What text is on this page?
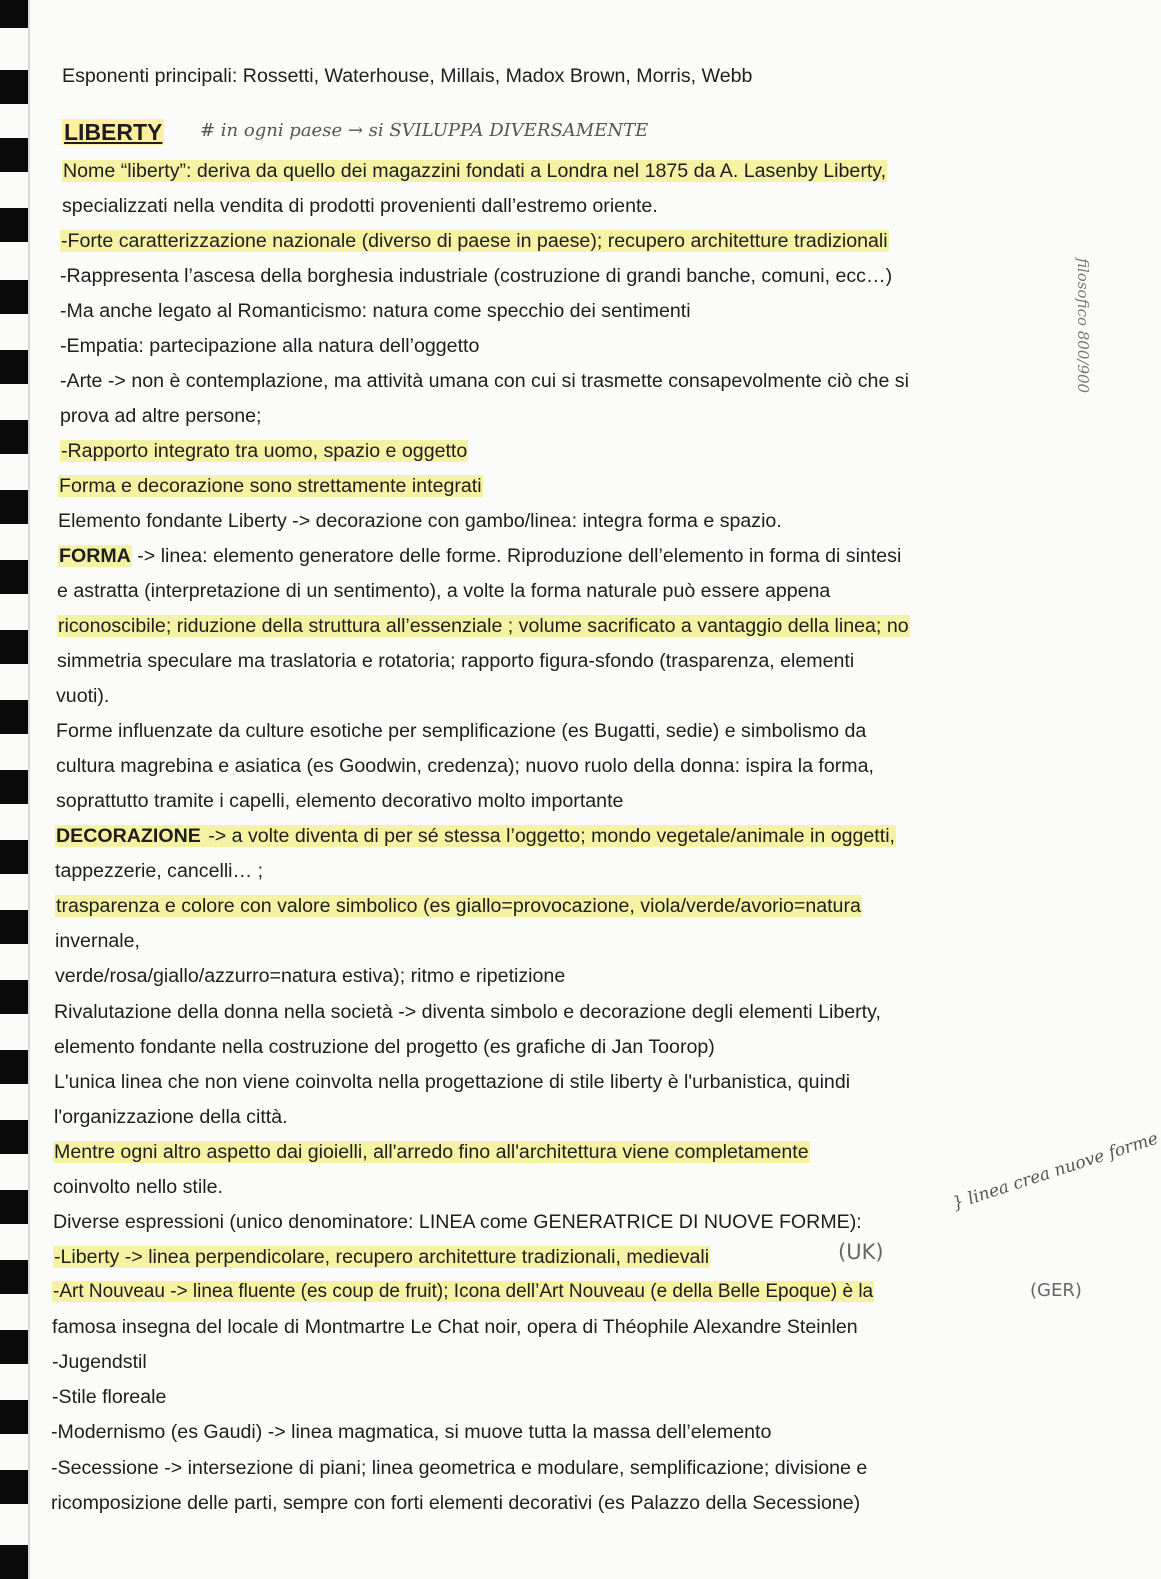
​
Esponenti principali: Rossetti, Waterhouse, Millais, Madox Brown, Morris, Webb
LIBERTY # in ogni paese → si SVILUPPA DIVERSAMENTE
Nome “liberty”: deriva da quello dei magazzini fondati a Londra nel 1875 da A. Lasenby Liberty,
specializzati nella vendita di prodotti provenienti dall’estremo oriente.
-Forte caratterizzazione nazionale (diverso di paese in paese); recupero architetture tradizionali
-Rappresenta l’ascesa della borghesia industriale (costruzione di grandi banche, comuni, ecc…)
-Ma anche legato al Romanticismo: natura come specchio dei sentimenti
-Empatia: partecipazione alla natura dell’oggetto
-Arte -> non è contemplazione, ma attività umana con cui si trasmette consapevolmente ciò che si
prova ad altre persone;
-Rapporto integrato tra uomo, spazio e oggetto
Forma e decorazione sono strettamente integrati
Elemento fondante Liberty -> decorazione con gambo/linea: integra forma e spazio.
FORMA -> linea: elemento generatore delle forme. Riproduzione dell’elemento in forma di sintesi
e astratta (interpretazione di un sentimento), a volte la forma naturale può essere appena
riconoscibile; riduzione della struttura all’essenziale ; volume sacrificato a vantaggio della linea; no
simmetria speculare ma traslatoria e rotatoria; rapporto figura-sfondo (trasparenza, elementi
vuoti).
Forme influenzate da culture esotiche per semplificazione (es Bugatti, sedie) e simbolismo da
cultura magrebina e asiatica (es Goodwin, credenza); nuovo ruolo della donna: ispira la forma,
soprattutto tramite i capelli, elemento decorativo molto importante
DECORAZIONE -> a volte diventa di per sé stessa l’oggetto; mondo vegetale/animale in oggetti,
tappezzerie, cancelli… ;
trasparenza e colore con valore simbolico (es giallo=provocazione, viola/verde/avorio=natura
invernale,
verde/rosa/giallo/azzurro=natura estiva); ritmo e ripetizione
Rivalutazione della donna nella società -> diventa simbolo e decorazione degli elementi Liberty,
elemento fondante nella costruzione del progetto (es grafiche di Jan Toorop)
L'unica linea che non viene coinvolta nella progettazione di stile liberty è l'urbanistica, quindi
l'organizzazione della città.
Mentre ogni altro aspetto dai gioielli, all'arredo fino all'architettura viene completamente
coinvolto nello stile.
Diverse espressioni (unico denominatore: LINEA come GENERATRICE DI NUOVE FORME):
-Liberty -> linea perpendicolare, recupero architetture tradizionali, medievali
-Art Nouveau -> linea fluente (es coup de fruit); Icona dell’Art Nouveau (e della Belle Epoque) è la
famosa insegna del locale di Montmartre Le Chat noir, opera di Théophile Alexandre Steinlen
-Jugendstil
-Stile floreale
-Modernismo (es Gaudi) -> linea magmatica, si muove tutta la massa dell’elemento
-Secessione -> intersezione di piani; linea geometrica e modulare, semplificazione; divisione e
ricomposizione delle parti, sempre con forti elementi decorativi (es Palazzo della Secessione)
} linea crea nuove forme
(UK)
(GER)
filosofico 800/900
